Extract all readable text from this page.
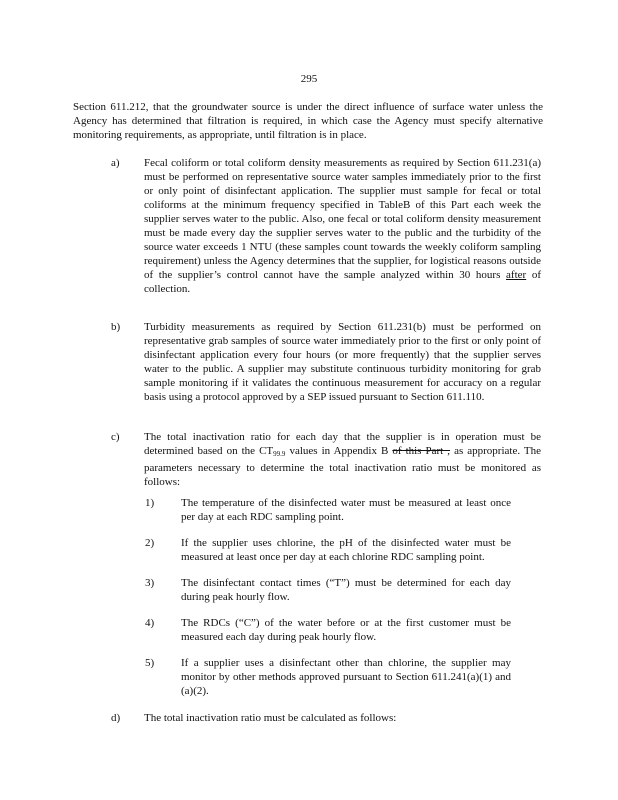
295
Section 611.212, that the groundwater source is under the direct influence of surface water unless the Agency has determined that filtration is required, in which case the Agency must specify alternative monitoring requirements, as appropriate, until filtration is in place.
a) Fecal coliform or total coliform density measurements as required by Section 611.231(a) must be performed on representative source water samples immediately prior to the first or only point of disinfectant application. The supplier must sample for fecal or total coliforms at the minimum frequency specified in TableB of this Part each week the supplier serves water to the public. Also, one fecal or total coliform density measurement must be made every day the supplier serves water to the public and the turbidity of the source water exceeds 1 NTU (these samples count towards the weekly coliform sampling requirement) unless the Agency determines that the supplier, for logistical reasons outside of the supplier’s control cannot have the sample analyzed within 30 hours after of collection.
b) Turbidity measurements as required by Section 611.231(b) must be performed on representative grab samples of source water immediately prior to the first or only point of disinfectant application every four hours (or more frequently) that the supplier serves water to the public. A supplier may substitute continuous turbidity monitoring for grab sample monitoring if it validates the continuous measurement for accuracy on a regular basis using a protocol approved by a SEP issued pursuant to Section 611.110.
c) The total inactivation ratio for each day that the supplier is in operation must be determined based on the $CT_{99.9}$ values in Appendix B of this Part , as appropriate. The parameters necessary to determine the total inactivation ratio must be monitored as follows:
1) The temperature of the disinfected water must be measured at least once per day at each RDC sampling point.
2) If the supplier uses chlorine, the pH of the disinfected water must be measured at least once per day at each chlorine RDC sampling point.
3) The disinfectant contact times (“T”) must be determined for each day during peak hourly flow.
4) The RDCs (“C”) of the water before or at the first customer must be measured each day during peak hourly flow.
5) If a supplier uses a disinfectant other than chlorine, the supplier may monitor by other methods approved pursuant to Section 611.241(a)(1) and (a)(2).
d) The total inactivation ratio must be calculated as follows:
